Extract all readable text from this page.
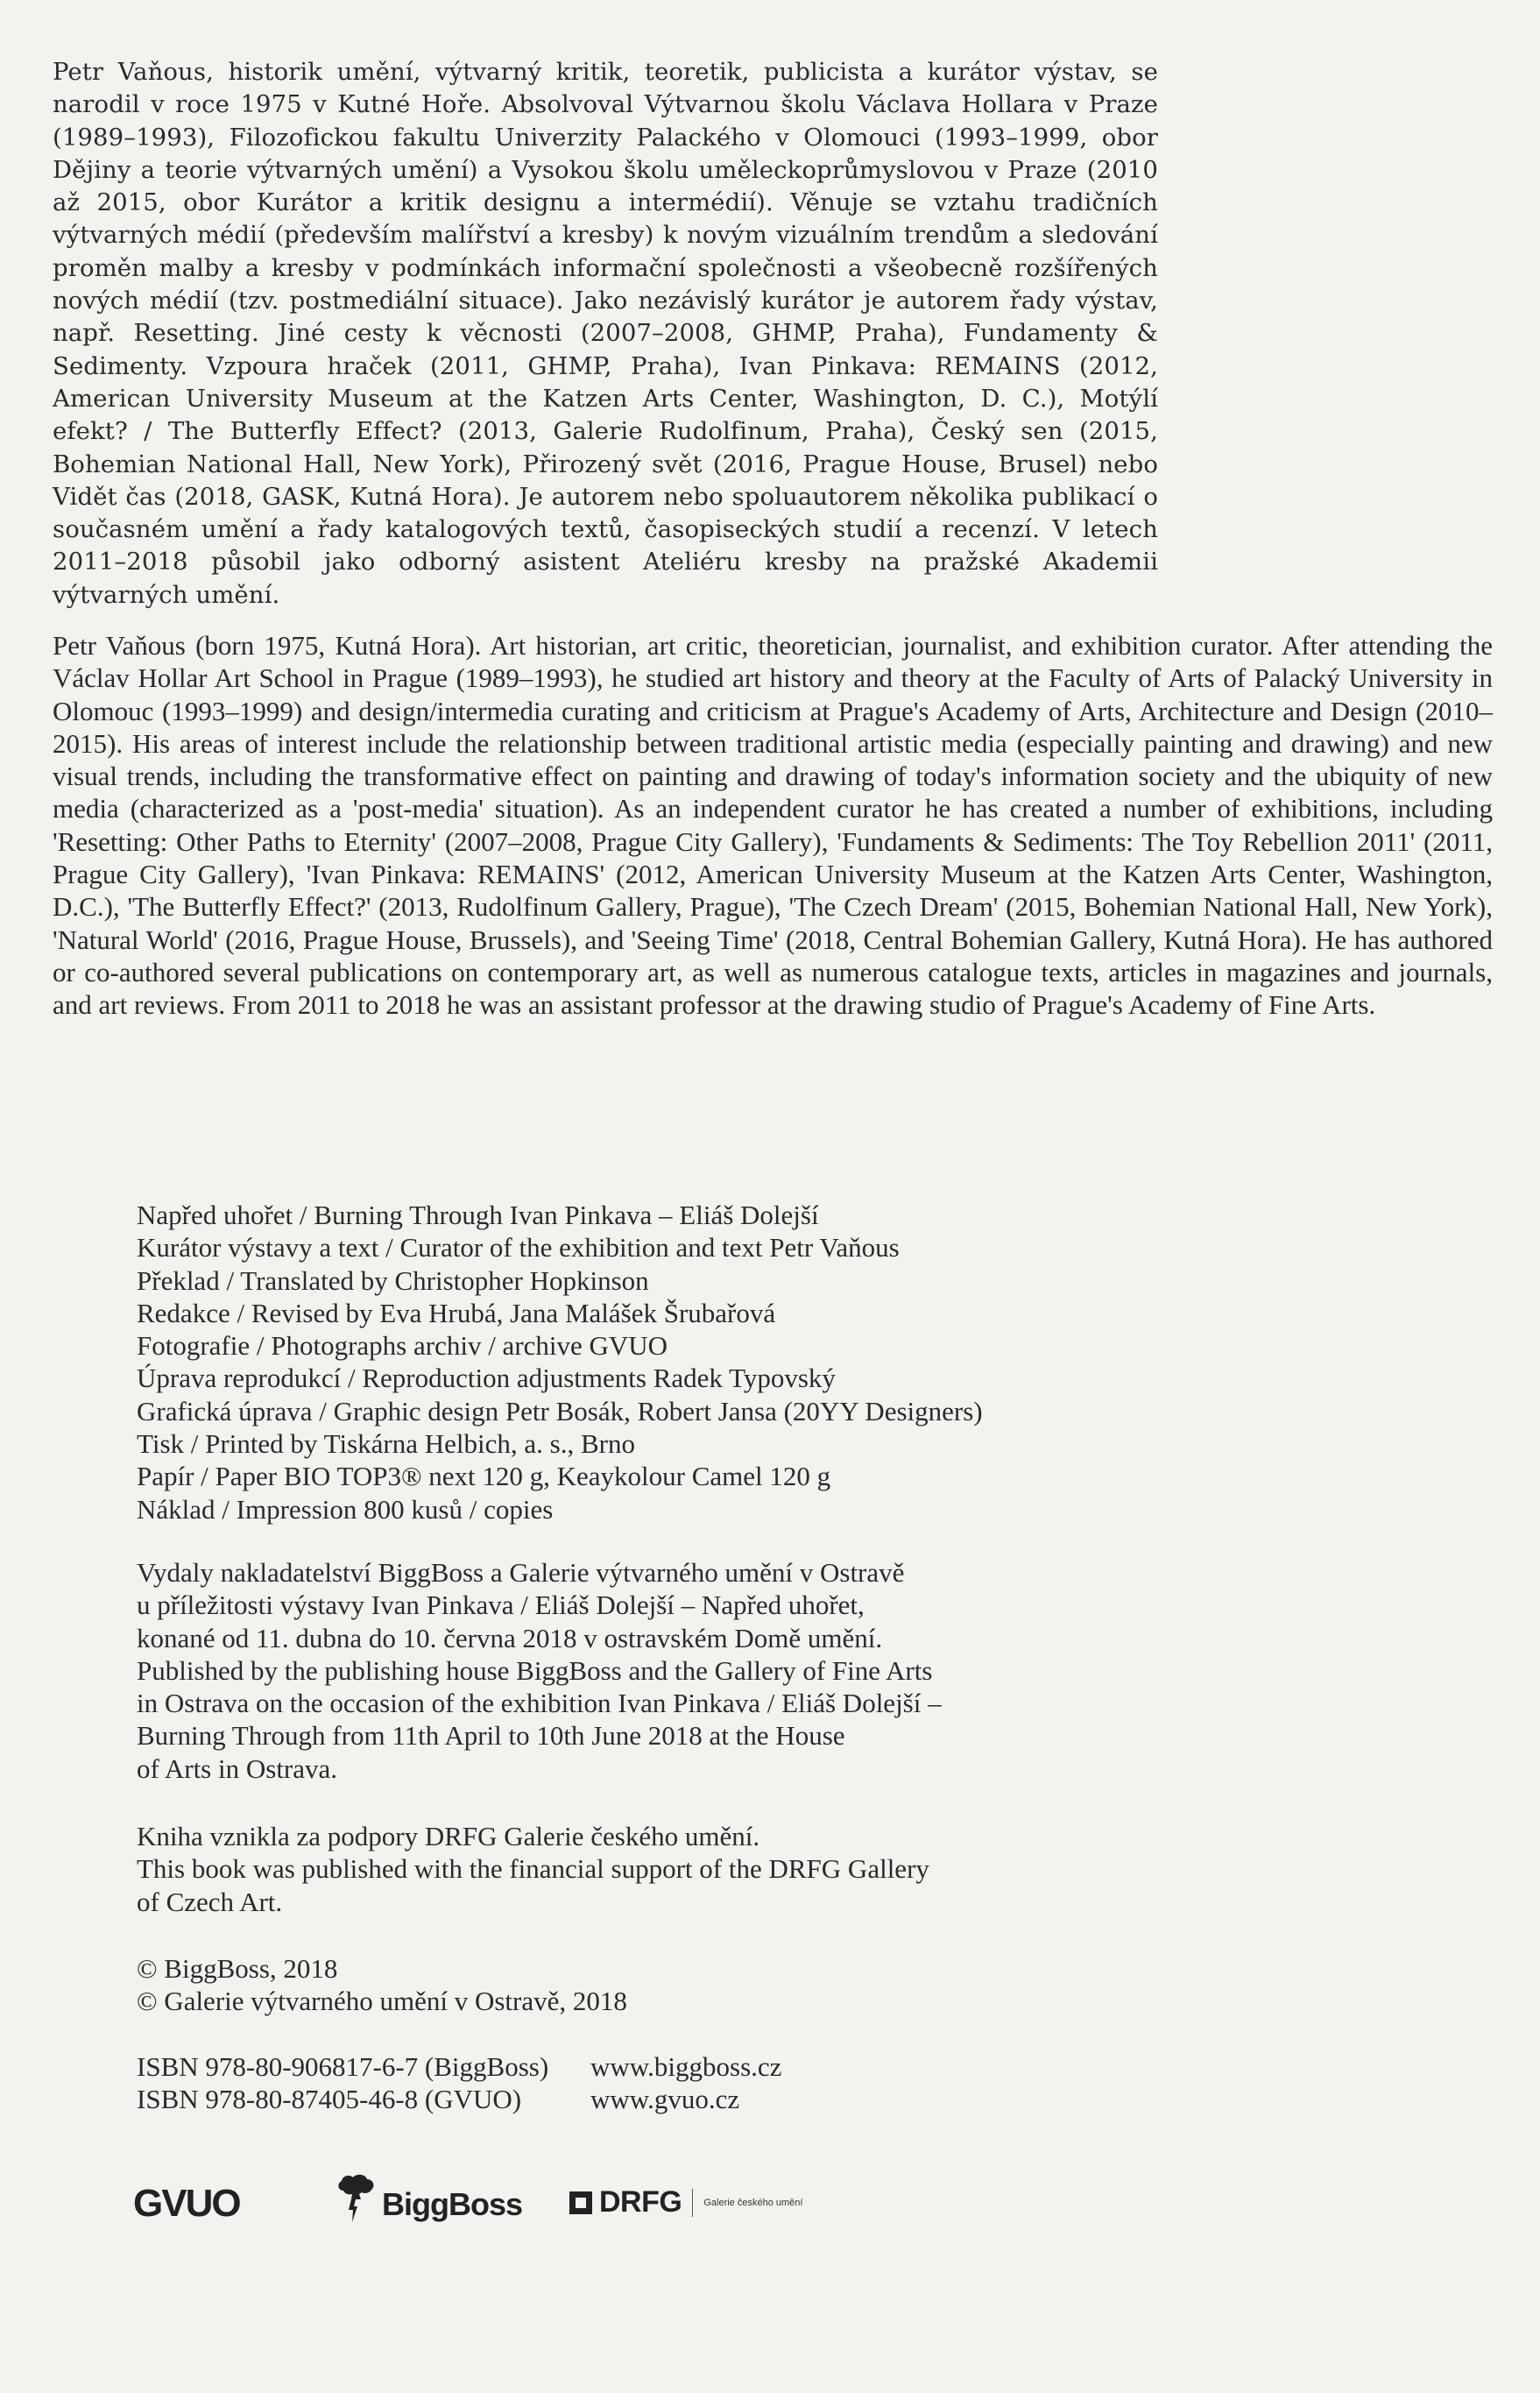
Petr Vaňous, historik umění, výtvarný kritik, teoretik, publicista a kurátor výstav, se narodil v roce 1975 v Kutné Hoře. Absolvoval Výtvarnou školu Václava Hollara v Praze (1989–1993), Filozofickou fakultu Univerzity Palackého v Olomouci (1993–1999, obor Dějiny a teorie výtvarných umění) a Vysokou školu uměleckoprůmyslovou v Praze (2010 až 2015, obor Kurátor a kritik designu a intermédií). Věnuje se vztahu tradičních výtvarných médií (především malířství a kresby) k novým vizuálním trendům a sledování proměn malby a kresby v podmínkách informační společnosti a všeobecně rozšířených nových médií (tzv. postmediální situace). Jako nezávislý kurátor je autorem řady výstav, např. Resetting. Jiné cesty k věcnosti (2007–2008, GHMP, Praha), Fundamenty & Sedimenty. Vzpoura hraček (2011, GHMP, Praha), Ivan Pinkava: REMAINS (2012, American University Museum at the Katzen Arts Center, Washington, D. C.), Motýlí efekt? / The Butterfly Effect? (2013, Galerie Rudolfinum, Praha), Český sen (2015, Bohemian National Hall, New York), Přirozený svět (2016, Prague House, Brusel) nebo Vidět čas (2018, GASK, Kutná Hora). Je autorem nebo spoluautorem několika publikací o současném umění a řady katalogových textů, časopiseckých studií a recenzí. V letech 2011–2018 působil jako odborný asistent Ateliéru kresby na pražské Akademii výtvarných umění.

Petr Vaňous (born 1975, Kutná Hora). Art historian, art critic, theoretician, journalist, and exhibition curator. After attending the Václav Hollar Art School in Prague (1989–1993), he studied art history and theory at the Faculty of Arts of Palacký University in Olomouc (1993–1999) and design/intermedia curating and criticism at Prague's Academy of Arts, Architecture and Design (2010–2015). His areas of interest include the relationship between traditional artistic media (especially painting and drawing) and new visual trends, including the transformative effect on painting and drawing of today's information society and the ubiquity of new media (characterized as a 'post-media' situation). As an independent curator he has created a number of exhibitions, including 'Resetting: Other Paths to Eternity' (2007–2008, Prague City Gallery), 'Fundaments & Sediments: The Toy Rebellion 2011' (2011, Prague City Gallery), 'Ivan Pinkava: REMAINS' (2012, American University Museum at the Katzen Arts Center, Washington, D.C.), 'The Butterfly Effect?' (2013, Rudolfinum Gallery, Prague), 'The Czech Dream' (2015, Bohemian National Hall, New York), 'Natural World' (2016, Prague House, Brussels), and 'Seeing Time' (2018, Central Bohemian Gallery, Kutná Hora). He has authored or co-authored several publications on contemporary art, as well as numerous catalogue texts, articles in magazines and journals, and art reviews. From 2011 to 2018 he was an assistant professor at the drawing studio of Prague's Academy of Fine Arts.

Napřed uhořet / Burning Through Ivan Pinkava – Eliáš Dolejší
Kurátor výstavy a text / Curator of the exhibition and text Petr Vaňous
Překlad / Translated by Christopher Hopkinson
Redakce / Revised by Eva Hrubá, Jana Malášek Šrubařová
Fotografie / Photographs archiv / archive GVUO
Úprava reprodukcí / Reproduction adjustments Radek Typovský
Grafická úprava / Graphic design Petr Bosák, Robert Jansa (20YY Designers)
Tisk / Printed by Tiskárna Helbich, a. s., Brno
Papír / Paper BIO TOP3® next 120 g, Keaykolour Camel 120 g
Náklad / Impression 800 kusů / copies
Vydaly nakladatelství BiggBoss a Galerie výtvarného umění v Ostravě
u příležitosti výstavy Ivan Pinkava / Eliáš Dolejší – Napřed uhořet,
konané od 11. dubna do 10. června 2018 v ostravském Domě umění.
Published by the publishing house BiggBoss and the Gallery of Fine Arts
in Ostrava on the occasion of the exhibition Ivan Pinkava / Eliáš Dolejší –
Burning Through from 11th April to 10th June 2018 at the House
of Arts in Ostrava.
Kniha vznikla za podpory DRFG Galerie českého umění.
This book was published with the financial support of the DRFG Gallery
of Czech Art.
© BiggBoss, 2018
© Galerie výtvarného umění v Ostravě, 2018
ISBN 978-80-906817-6-7 (BiggBoss)	www.biggboss.cz
ISBN 978-80-87405-46-8 (GVUO)	www.gvuo.cz
GVUO	BiggBoss	DRFG Galerie českého umění
